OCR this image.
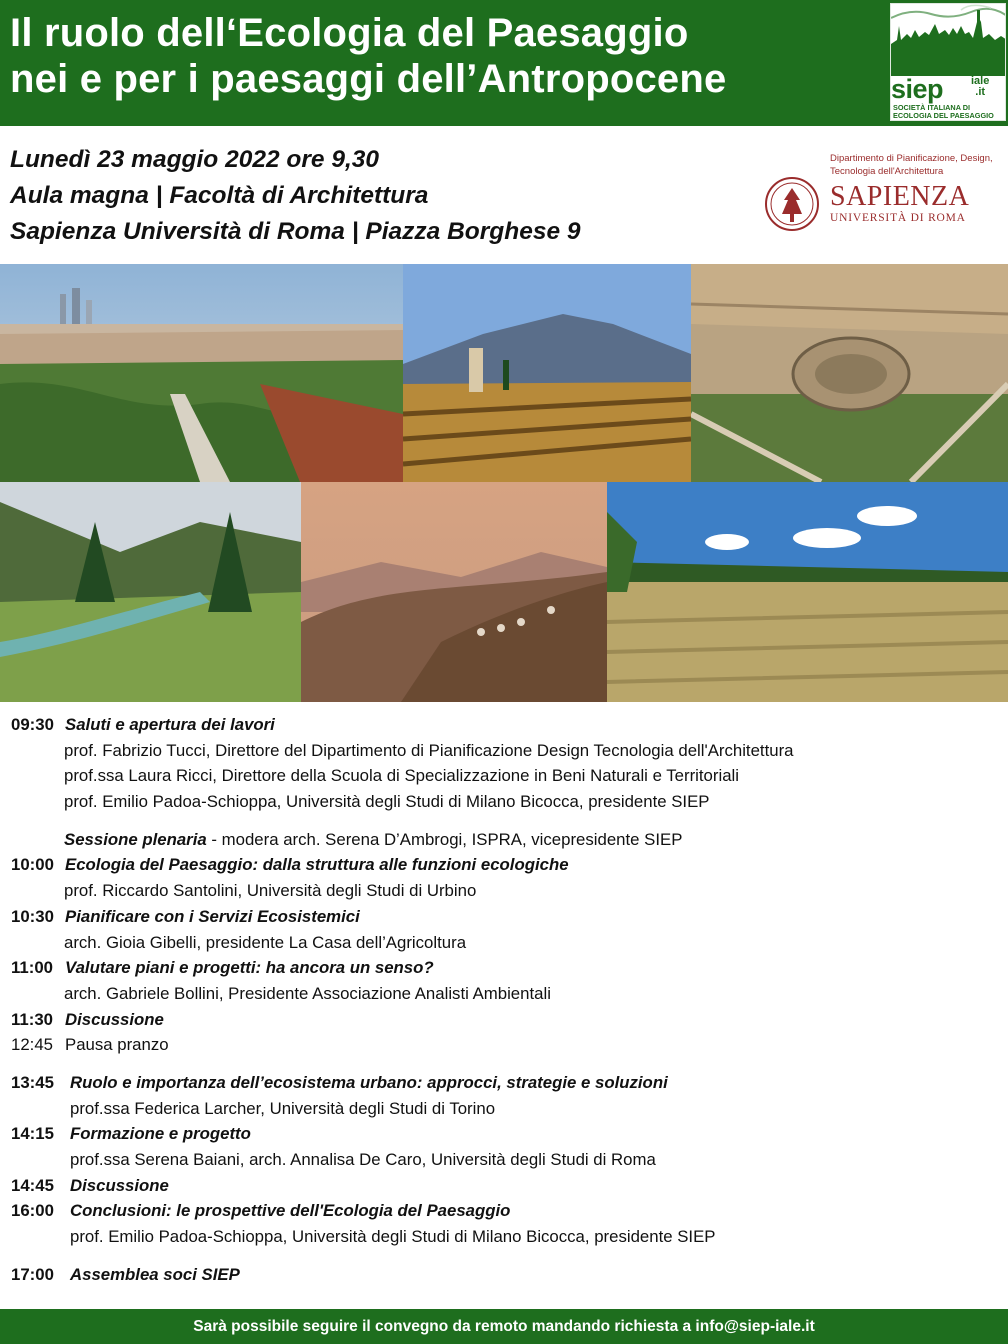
Il ruolo dell‘Ecologia del Paesaggio
nei e per i paesaggi dell’Antropocene	siep	iale
.it
SOCIETÀ ITALIANA DI
ECOLOGIA DEL PAESAGGIO
Lunedì 23 maggio 2022 ore 9,30
Aula magna | Facoltà di Architettura
Sapienza Università di Roma | Piazza Borghese 9
Dipartimento di Pianificazione, Design, Tecnologia dell'Architettura
SAPIENZA
UNIVERSITÀ DI ROMA
09:30 Saluti e apertura dei lavori
prof. Fabrizio Tucci, Direttore del Dipartimento di Pianificazione Design Tecnologia dell'Architettura
prof.ssa Laura Ricci, Direttore della Scuola di Specializzazione in Beni Naturali e Territoriali
prof. Emilio Padoa-Schioppa, Università degli Studi di Milano Bicocca, presidente SIEP
Sessione plenaria - modera arch. Serena D’Ambrogi, ISPRA, vicepresidente SIEP
10:00 Ecologia del Paesaggio: dalla struttura alle funzioni ecologiche
prof. Riccardo Santolini, Università degli Studi di Urbino
10:30 Pianificare con i Servizi Ecosistemici
arch. Gioia Gibelli, presidente La Casa dell’Agricoltura
11:00 Valutare piani e progetti: ha ancora un senso?
arch. Gabriele Bollini, Presidente Associazione Analisti Ambientali
11:30 Discussione
12:45 Pausa pranzo
13:45 Ruolo e importanza dell’ecosistema urbano: approcci, strategie e soluzioni
prof.ssa Federica Larcher, Università degli Studi di Torino
14:15 Formazione e progetto
prof.ssa Serena Baiani, arch. Annalisa De Caro, Università degli Studi di Roma
14:45 Discussione
16:00 Conclusioni: le prospettive dell'Ecologia del Paesaggio
prof. Emilio Padoa-Schioppa, Università degli Studi di Milano Bicocca, presidente SIEP
17:00 Assemblea soci SIEP
Sarà possibile seguire il convegno da remoto mandando richiesta a info@siep-iale.it
